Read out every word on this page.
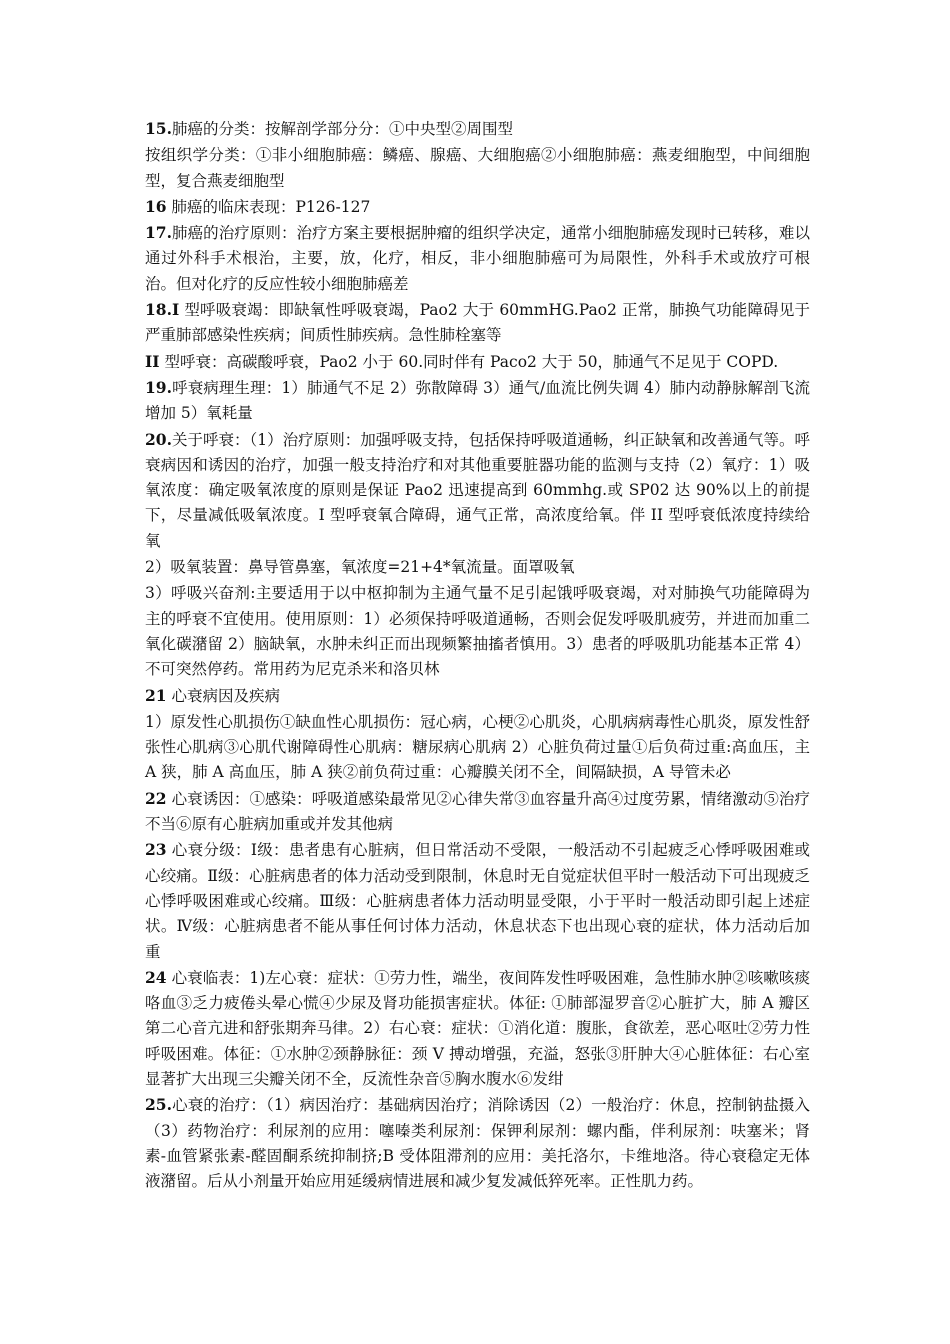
15.肺癌的分类：按解剖学部分分：①中央型②周围型

按组织学分类：①非小细胞肺癌：鳞癌、腺癌、大细胞癌②小细胞肺癌：燕麦细胞型，中间细胞型，复合燕麦细胞型

16 肺癌的临床表现：P126-127

17.肺癌的治疗原则：治疗方案主要根据肿瘤的组织学决定，通常小细胞肺癌发现时已转移，难以通过外科手术根治，主要，放，化疗，相反，非小细胞肺癌可为局限性，外科手术或放疗可根治。但对化疗的反应性较小细胞肺癌差

18.I 型呼吸衰竭：即缺氧性呼吸衰竭，Pao2 大于 60mmHG.Pao2 正常，肺换气功能障碍见于严重肺部感染性疾病；间质性肺疾病。急性肺栓塞等

II 型呼衰：高碳酸呼衰，Pao2 小于 60.同时伴有 Paco2 大于 50，肺通气不足见于 COPD.

19.呼衰病理生理：1）肺通气不足 2）弥散障碍 3）通气/血流比例失调 4）肺内动静脉解剖飞流增加 5）氧耗量

20.关于呼衰：（1）治疗原则：加强呼吸支持，包括保持呼吸道通畅，纠正缺氧和改善通气等。呼衰病因和诱因的治疗，加强一般支持治疗和对其他重要脏器功能的监测与支持（2）氧疗：1）吸氧浓度：确定吸氧浓度的原则是保证 Pao2 迅速提高到 60mmhg.或 SP02 达 90%以上的前提下，尽量减低吸氧浓度。I 型呼衰氧合障碍，通气正常，高浓度给氧。伴 II 型呼衰低浓度持续给氧

2）吸氧装置：鼻导管鼻塞，氧浓度=21+4*氧流量。面罩吸氧

3）呼吸兴奋剂:主要适用于以中枢抑制为主通气量不足引起饿呼吸衰竭，对对肺换气功能障碍为主的呼衰不宜使用。使用原则：1）必须保持呼吸道通畅，否则会促发呼吸肌疲劳，并进而加重二氧化碳潴留 2）脑缺氧，水肿未纠正而出现频繁抽搐者慎用。3）患者的呼吸肌功能基本正常 4）不可突然停药。常用药为尼克杀米和洛贝林

21 心衰病因及疾病

1）原发性心肌损伤①缺血性心肌损伤：冠心病，心梗②心肌炎，心肌病病毒性心肌炎，原发性舒张性心肌病③心肌代谢障碍性心肌病：糖尿病心肌病 2）心脏负荷过量①后负荷过重:高血压，主 A 狭，肺 A 高血压，肺 A 狭②前负荷过重：心瓣膜关闭不全，间隔缺损，A 导管未必

22 心衰诱因：①感染：呼吸道感染最常见②心律失常③血容量升高④过度劳累，情绪激动⑤治疗不当⑥原有心脏病加重或并发其他病

23 心衰分级：Ⅰ级：患者患有心脏病，但日常活动不受限，一般活动不引起疲乏心悸呼吸困难或心绞痛。Ⅱ级：心脏病患者的体力活动受到限制，休息时无自觉症状但平时一般活动下可出现疲乏心悸呼吸困难或心绞痛。Ⅲ级：心脏病患者体力活动明显受限，小于平时一般活动即引起上述症状。Ⅳ级：心脏病患者不能从事任何讨体力活动，休息状态下也出现心衰的症状，体力活动后加重

24 心衰临表：1)左心衰：症状：①劳力性，端坐，夜间阵发性呼吸困难，急性肺水肿②咳嗽咳痰咯血③乏力疲倦头晕心慌④少尿及肾功能损害症状。体征: ①肺部湿罗音②心脏扩大，肺 A 瓣区第二心音亢进和舒张期奔马律。2）右心衰：症状：①消化道：腹胀，食欲差，恶心呕吐②劳力性呼吸困难。体征：①水肿②颈静脉征：颈 V 搏动增强，充溢，怒张③肝肿大④心脏体征：右心室显著扩大出现三尖瓣关闭不全，反流性杂音⑤胸水腹水⑥发绀

25.心衰的治疗：（1）病因治疗：基础病因治疗；消除诱因（2）一般治疗：休息，控制钠盐摄入（3）药物治疗：利尿剂的应用：噻嗪类利尿剂：保钾利尿剂：螺内酯，伴利尿剂：呋塞米；肾素-血管紧张素-醛固酮系统抑制挤;B 受体阻滞剂的应用：美托洛尔，卡维地洛。待心衰稳定无体液潴留。后从小剂量开始应用延缓病情进展和减少复发减低猝死率。正性肌力药。
